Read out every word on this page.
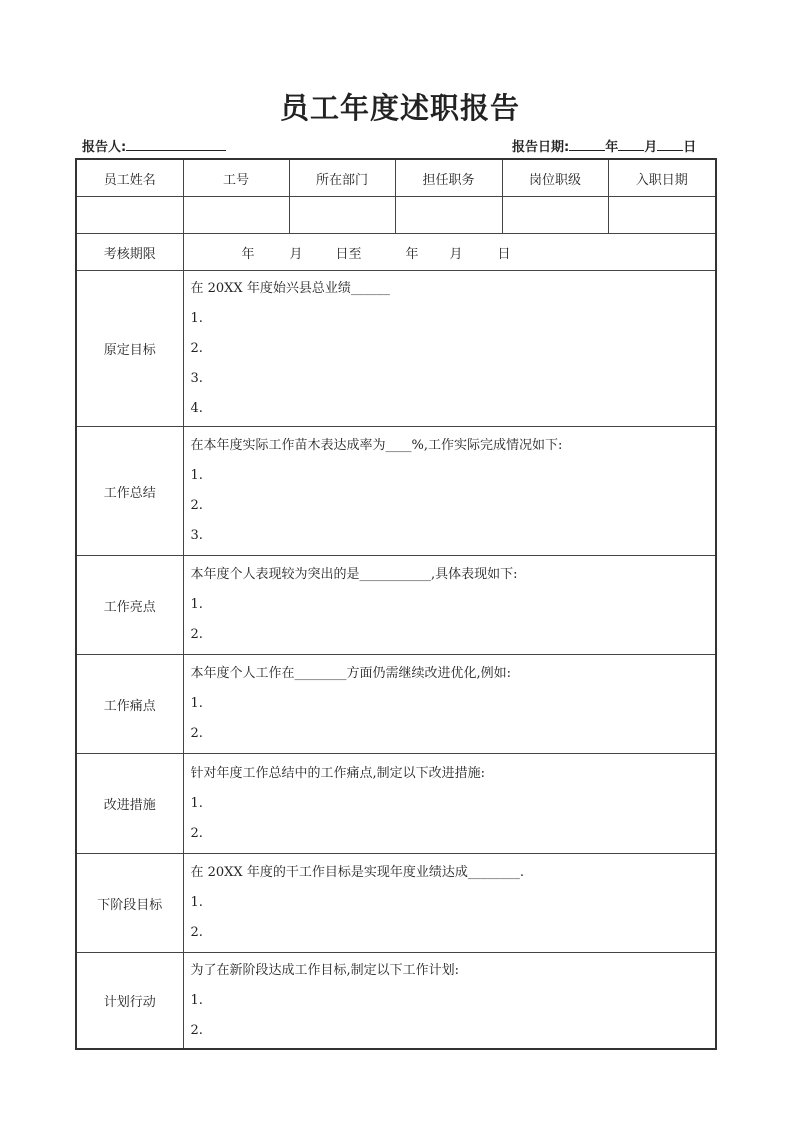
员工年度述职报告
报告人:	报告日期:	年 月 日
员工姓名	工号	所在部门	担任职务	岗位职级	入职日期

考核期限	年 月 日至 年 月 日				
原定目标	在 20XX 年度始兴县总业绩______
1.
2.
3.
4.				

工作总结	在本年度实际工作苗木表达成率为____%,工作实际完成情况如下:
1.
2.
3.				

工作亮点	本年度个人表现较为突出的是___________,具体表现如下:
1.
2.				

工作痛点	本年度个人工作在________方面仍需继续改进优化,例如:
1.
2.				

改进措施	针对年度工作总结中的工作痛点,制定以下改进措施:
1.
2.				

下阶段目标	在 20XX 年度的干工作目标是实现年度业绩达成________.
1.
2.				

计划行动	为了在新阶段达成工作目标,制定以下工作计划:
1.
2.				
